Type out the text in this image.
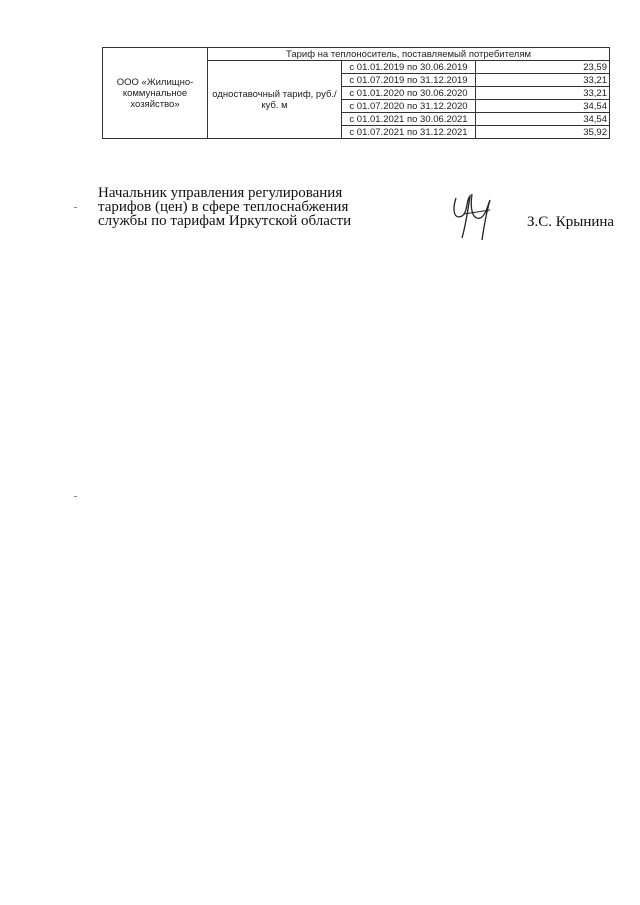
ООО «Жилищно-коммунальное хозяйство»	Тариф на теплоноситель, поставляемый потребителям		
	одноставочный тариф, руб./куб. м	с 01.01.2019 по 30.06.2019	23,59
		с 01.07.2019 по 31.12.2019	33,21
		с 01.01.2020 по 30.06.2020	33,21
		с 01.07.2020 по 31.12.2020	34,54
		с 01.01.2021 по 30.06.2021	34,54
		с 01.07.2021 по 31.12.2021	35,92
Начальник управления регулирования
тарифов (цен) в сфере теплоснабжения
службы по тарифам Иркутской области	З.С. Крынина
